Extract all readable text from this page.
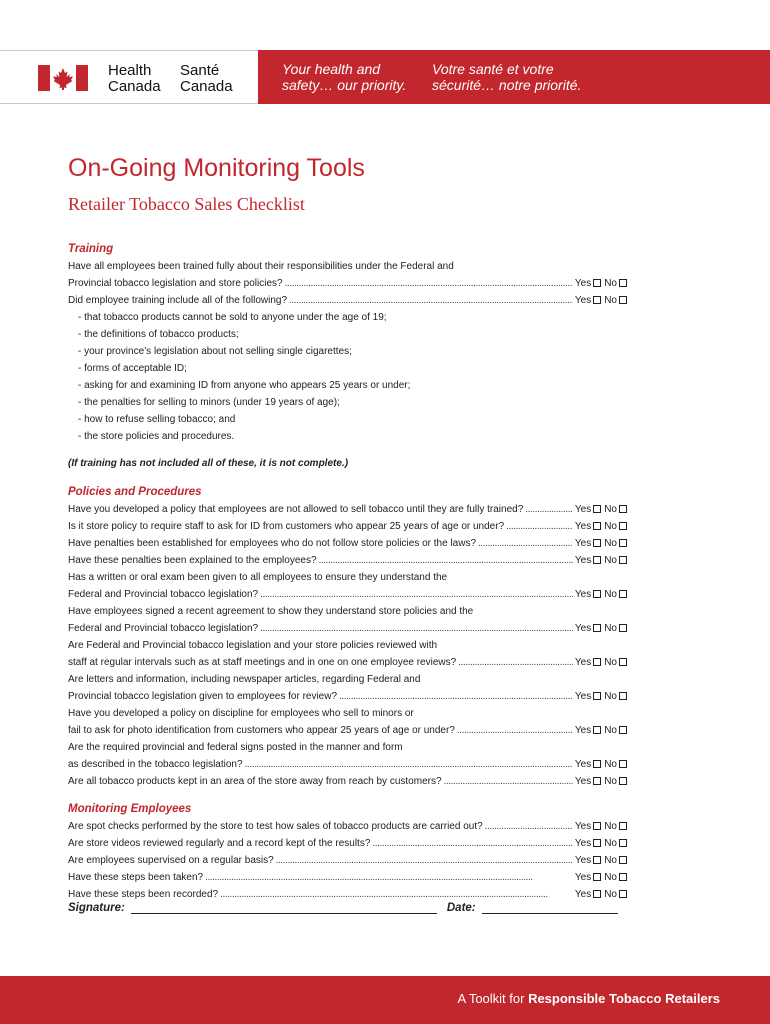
Health
Canada
Santé
Canada
Your health and
safety… our priority.
Votre santé et votre
sécurité… notre priorité.
On-Going Monitoring Tools
Retailer Tobacco Sales Checklist
Training
Have all employees been trained fully about their responsibilities under the Federal and
Provincial tobacco legislation and store policies? . . .	Yes No
Did employee training include all of the following? . . .	Yes No
- that tobacco products cannot be sold to anyone under the age of 19;
- the definitions of tobacco products;
- your province’s legislation about not selling single cigarettes;
- forms of acceptable ID;
- asking for and examining ID from anyone who appears 25 years or under;
- the penalties for selling to minors (under 19 years of age);
- how to refuse selling tobacco; and
- the store policies and procedures.
(If training has not included all of these, it is not complete.)
Policies and Procedures
Have you developed a policy that employees are not allowed to sell tobacco until they are fully trained? . . .	Yes No
Is it store policy to require staff to ask for ID from customers who appear 25 years of age or under? . . .	Yes No
Have penalties been established for employees who do not follow store policies or the laws? . . .	Yes No
Have these penalties been explained to the employees? . . .	Yes No
Has a written or oral exam been given to all employees to ensure they understand the
Federal and Provincial tobacco legislation? . . .	Yes No
Have employees signed a recent agreement to show they understand store policies and the
Federal and Provincial tobacco legislation? . . .	Yes No
Are Federal and Provincial tobacco legislation and your store policies reviewed with
staff at regular intervals such as at staff meetings and in one on one employee reviews? . . .	Yes No
Are letters and information, including newspaper articles, regarding Federal and
Provincial tobacco legislation given to employees for review? . . .	Yes No
Have you developed a policy on discipline for employees who sell to minors or
fail to ask for photo identification from customers who appear 25 years of age or under? . . .	Yes No
Are the required provincial and federal signs posted in the manner and form
as described in the tobacco legislation? . . .	Yes No
Are all tobacco products kept in an area of the store away from reach by customers? . . .	Yes No
Monitoring Employees
Are spot checks performed by the store to test how sales of tobacco products are carried out? . . .	Yes No
Are store videos reviewed regularly and a record kept of the results? . . .	Yes No
Are employees supervised on a regular basis? . . .	Yes No
Have these steps been taken? . . .	Yes No
Have these steps been recorded? . . .	Yes No
Signature:	Date:
A Toolkit for Responsible Tobacco Retailers
